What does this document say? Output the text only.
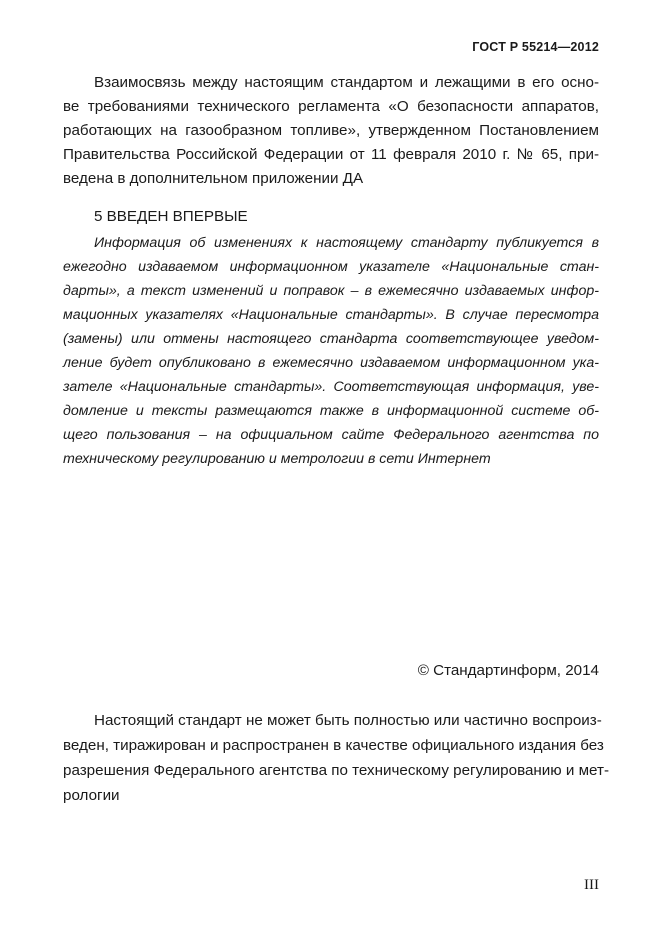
ГОСТ Р 55214—2012
Взаимосвязь между настоящим стандартом и лежащими в его осно-
ве требованиями технического регламента «О безопасности аппаратов,
работающих на газообразном топливе», утвержденном Постановлением
Правительства Российской Федерации от 11 февраля 2010 г. № 65, при-
ведена в дополнительном приложении ДА
5 ВВЕДЕН ВПЕРВЫЕ
Информация об изменениях к настоящему стандарту публикуется в
ежегодно издаваемом информационном указателе «Национальные стан-
дарты», а текст изменений и поправок – в ежемесячно издаваемых инфор-
мационных указателях «Национальные стандарты». В случае пересмотра
(замены) или отмены настоящего стандарта соответствующее уведом-
ление будет опубликовано в ежемесячно издаваемом информационном ука-
зателе «Национальные стандарты». Соответствующая информация, уве-
домление и тексты размещаются также в информационной системе об-
щего пользования – на официальном сайте Федерального агентства по
техническому регулированию и метрологии в сети Интернет
© Стандартинформ, 2014
Настоящий стандарт не может быть полностью или частично воспроиз-
веден, тиражирован и распространен в качестве официального издания без
разрешения Федерального агентства по техническому регулированию и мет-
рологии
III
